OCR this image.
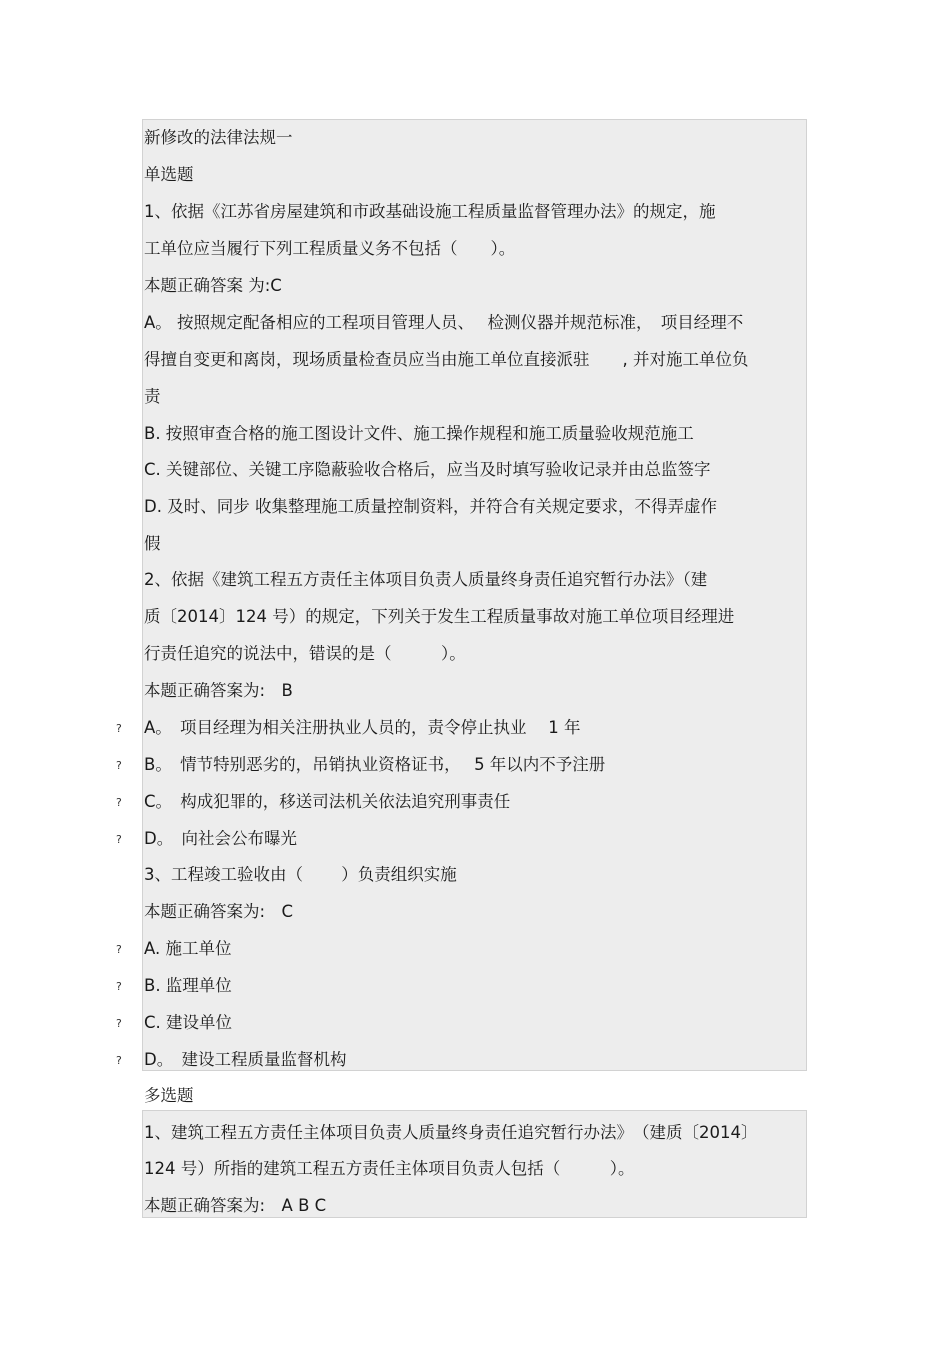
新修改的法律法规一
单选题
1、依据《江苏省房屋建筑和市政基础设施工程质量监督管理办法》的规定，施
工单位应当履行下列工程质量义务不包括（　　）。
本题正确答案 为:C
A。 按照规定配备相应的工程项目管理人员、　 检测仪器并规范标准，　项目经理不
得擅自变更和离岗，现场质量检查员应当由施工单位直接派驻　　, 并对施工单位负
责
B. 按照审查合格的施工图设计文件、施工操作规程和施工质量验收规范施工
C. 关键部位、关键工序隐蔽验收合格后，应当及时填写验收记录并由总监签字
D. 及时、同步 收集整理施工质量控制资料，并符合有关规定要求，不得弄虚作
假
2、依据《建筑工程五方责任主体项目负责人质量终身责任追究暂行办法》（建
质〔2014〕124 号）的规定，下列关于发生工程质量事故对施工单位项目经理进
行责任追究的说法中，错误的是（　　　）。
本题正确答案为:　B
? A。　项目经理为相关注册执业人员的，责令停止执业　 1 年
? B。　情节特别恶劣的，吊销执业资格证书，　 5 年以内不予注册
? C。　构成犯罪的，移送司法机关依法追究刑事责任
? D。　向社会公布曝光
3、工程竣工验收由（　　 ）负责组织实施
本题正确答案为:　C
? A. 施工单位
? B. 监理单位
? C. 建设单位
? D。　建设工程质量监督机构
多选题
1、建筑工程五方责任主体项目负责人质量终身责任追究暂行办法》　（建质〔2014〕
124 号）所指的建筑工程五方责任主体项目负责人包括（　　　）。
本题正确答案为:　A B C
